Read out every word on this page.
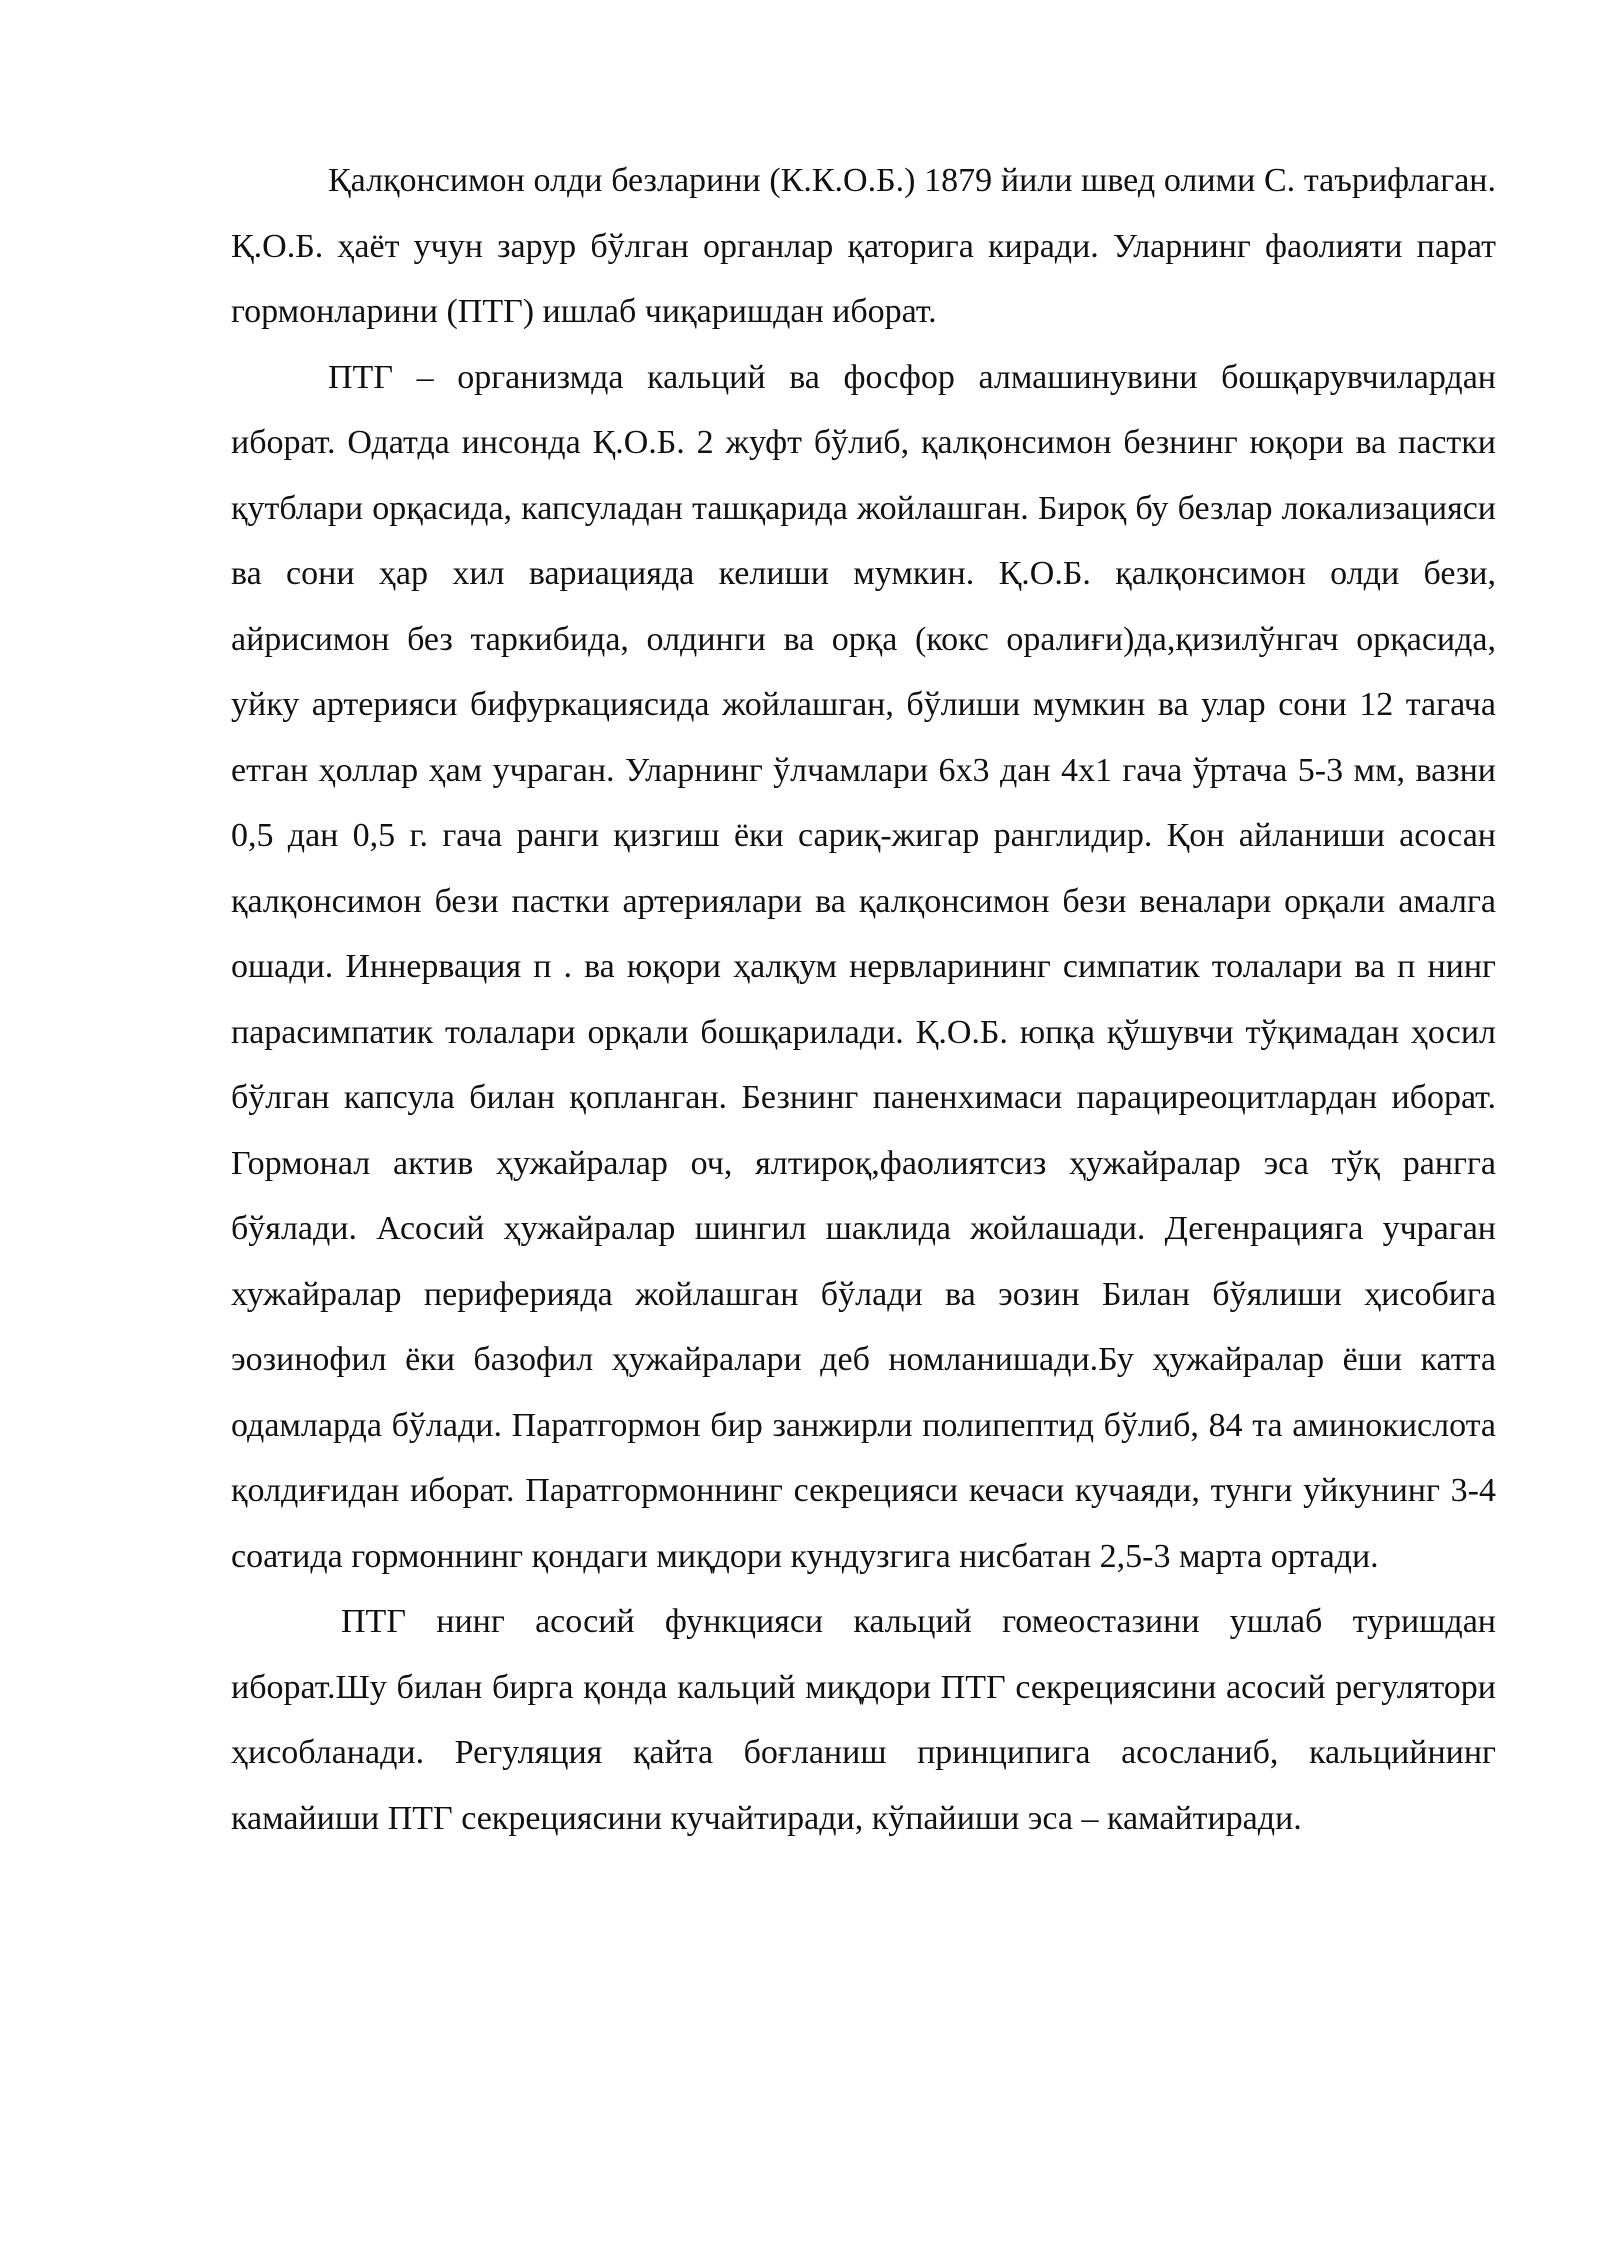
Қалқонсимон олди безларини (К.К.О.Б.) 1879 йили швед олими С. таърифлаган. Қ.О.Б. ҳаёт учун зарур бўлган органлар қаторига киради. Уларнинг фаолияти парат гормонларини (ПТГ) ишлаб чиқаришдан иборат.

ПТГ – организмда кальций ва фосфор алмашинувини бошқарувчилардан иборат. Одатда инсонда Қ.О.Б. 2 жуфт бўлиб, қалқонсимон безнинг юқори ва пастки қутблари орқасида, капсуладан ташқарида жойлашган. Бироқ бу безлар локализацияси ва сони ҳар хил вариацияда келиши мумкин. Қ.О.Б. қалқонсимон олди бези, айрисимон без таркибида, олдинги ва орқа (кокс оралиғи)да,қизилўнгач орқасида, уйку артерияси бифуркациясида жойлашган, бўлиши мумкин ва улар сони 12 тагача етган ҳоллар ҳам учраган. Уларнинг ўлчамлари 6х3 дан 4х1 гача ўртача 5-3 мм, вазни 0,5 дан 0,5 г. гача ранги қизгиш ёки сариқ-жигар ранглидир. Қон айланиши асосан қалқонсимон бези пастки артериялари ва қалқонсимон бези веналари орқали амалга ошади. Иннервация п . ва юқори ҳалқум нервларининг симпатик толалари ва п нинг парасимпатик толалари орқали бошқарилади. Қ.О.Б. юпқа қўшувчи тўқимадан ҳосил бўлган капсула билан қопланган. Безнинг паненхимаси парациреоцитлардан иборат. Гормонал актив ҳужайралар оч, ялтироқ,фаолиятсиз ҳужайралар эса тўқ рангга бўялади. Асосий ҳужайралар шингил шаклида жойлашади. Дегенрацияга учраган хужайралар перифериядa жойлашган бўлади ва эозин Билан бўялиши ҳисобига эозинофил ёки базофил ҳужайралари деб номланишади.Бу ҳужайралар ёши катта одамларда бўлади. Паратгормон бир занжирли полипептид бўлиб, 84 та аминокислота қолдиғидан иборат. Паратгормоннинг секрецияси кечаси кучаяди, тунги уйкунинг 3-4 соатида гормоннинг қондаги миқдори кундузгига нисбатан 2,5-3 марта ортади.

ПТГ нинг асосий функцияси кальций гомеостазини ушлаб туришдан иборат.Шу билан бирга қонда кальций миқдори ПТГ секрециясини асосий регулятори ҳисобланади. Регуляция қайта боғланиш принципига асосланиб, кальцийнинг камайиши ПТГ секрециясини кучайтиради, кўпайиши эса – камайтиради.
